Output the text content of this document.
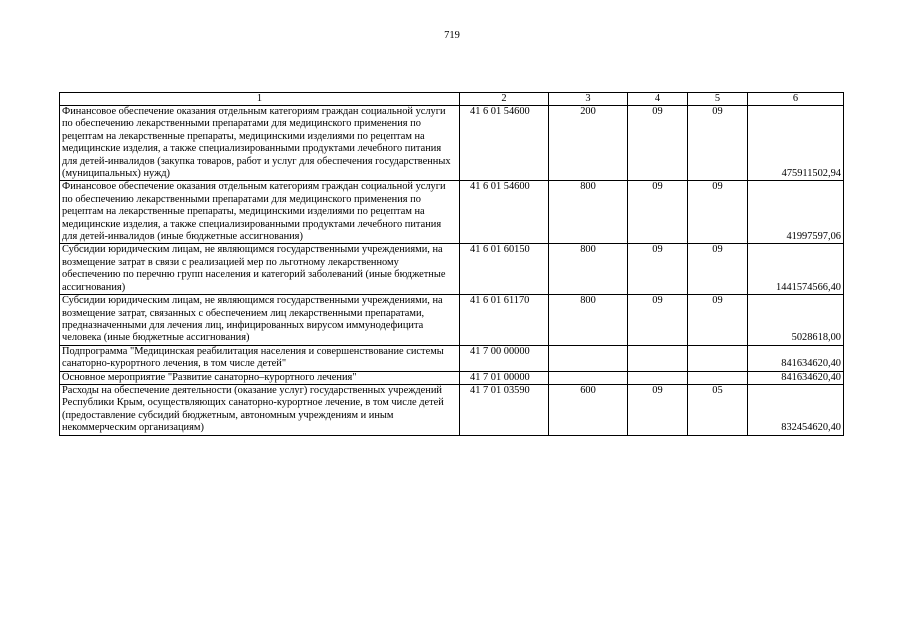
719
1	2	3	4	5	6
Финансовое обеспечение оказания отдельным категориям граждан социальной услуги по обеспечению лекарственными препаратами для медицинского применения по рецептам на лекарственные препараты, медицинскими изделиями по рецептам на медицинские изделия, а также специализированными продуктами лечебного питания для детей-инвалидов (закупка товаров, работ и услуг для обеспечения государственных (муниципальных) нужд)	41 6 01 54600	200	09	09	475911502,94
Финансовое обеспечение оказания отдельным категориям граждан социальной услуги по обеспечению лекарственными препаратами для медицинского применения по рецептам на лекарственные препараты, медицинскими изделиями по рецептам на медицинские изделия, а также специализированными продуктами лечебного питания для детей-инвалидов (иные бюджетные ассигнования)	41 6 01 54600	800	09	09	41997597,06
Субсидии юридическим лицам, не являющимся государственными учреждениями, на возмещение затрат в связи с реализацией мер по льготному лекарственному обеспечению по перечню групп населения и категорий заболеваний (иные бюджетные ассигнования)	41 6 01 60150	800	09	09	1441574566,40
Субсидии юридическим лицам, не являющимся государственными учреждениями, на возмещение затрат, связанных с обеспечением лиц лекарственными препаратами, предназначенными для лечения лиц, инфицированных вирусом иммунодефицита человека (иные бюджетные ассигнования)	41 6 01 61170	800	09	09	5028618,00
Подпрограмма "Медицинская реабилитация населения и совершенствование системы санаторно-курортного лечения, в том числе детей"	41 7 00 00000				841634620,40
Основное мероприятие "Развитие санаторно–курортного лечения"	41 7 01 00000				841634620,40
Расходы на обеспечение деятельности (оказание услуг) государственных учреждений Республики Крым, осуществляющих санаторно-курортное лечение, в том числе детей (предоставление субсидий бюджетным, автономным учреждениям и иным некоммерческим организациям)	41 7 01 03590	600	09	05	832454620,40
